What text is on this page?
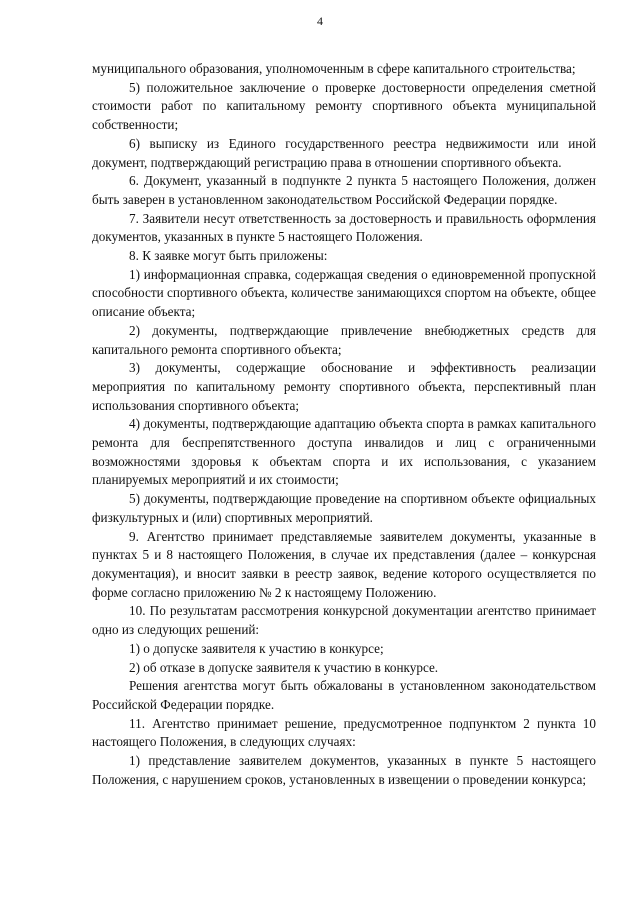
4

муниципального образования, уполномоченным в сфере капитального строительства;

5) положительное заключение о проверке достоверности определения сметной стоимости работ по капитальному ремонту спортивного объекта муниципальной собственности;

6) выписку из Единого государственного реестра недвижимости или иной документ, подтверждающий регистрацию права в отношении спортивного объекта.

6. Документ, указанный в подпункте 2 пункта 5 настоящего Положения, должен быть заверен в установленном законодательством Российской Федерации порядке.

7. Заявители несут ответственность за достоверность и правильность оформления документов, указанных в пункте 5 настоящего Положения.

8. К заявке могут быть приложены:

1) информационная справка, содержащая сведения о единовременной пропускной способности спортивного объекта, количестве занимающихся спортом на объекте, общее описание объекта;

2) документы, подтверждающие привлечение внебюджетных средств для капитального ремонта спортивного объекта;

3) документы, содержащие обоснование и эффективность реализации мероприятия по капитальному ремонту спортивного объекта, перспективный план использования спортивного объекта;

4) документы, подтверждающие адаптацию объекта спорта в рамках капитального ремонта для беспрепятственного доступа инвалидов и лиц с ограниченными возможностями здоровья к объектам спорта и их использования, с указанием планируемых мероприятий и их стоимости;

5) документы, подтверждающие проведение на спортивном объекте официальных физкультурных и (или) спортивных мероприятий.

9. Агентство принимает представляемые заявителем документы, указанные в пунктах 5 и 8 настоящего Положения, в случае их представления (далее – конкурсная документация), и вносит заявки в реестр заявок, ведение которого осуществляется по форме согласно приложению № 2 к настоящему Положению.

10. По результатам рассмотрения конкурсной документации агентство принимает одно из следующих решений:

1) о допуске заявителя к участию в конкурсе;

2) об отказе в допуске заявителя к участию в конкурсе.

Решения агентства могут быть обжалованы в установленном законодательством Российской Федерации порядке.

11. Агентство принимает решение, предусмотренное подпунктом 2 пункта 10 настоящего Положения, в следующих случаях:

1) представление заявителем документов, указанных в пункте 5 настоящего Положения, с нарушением сроков, установленных в извещении о проведении конкурса;
